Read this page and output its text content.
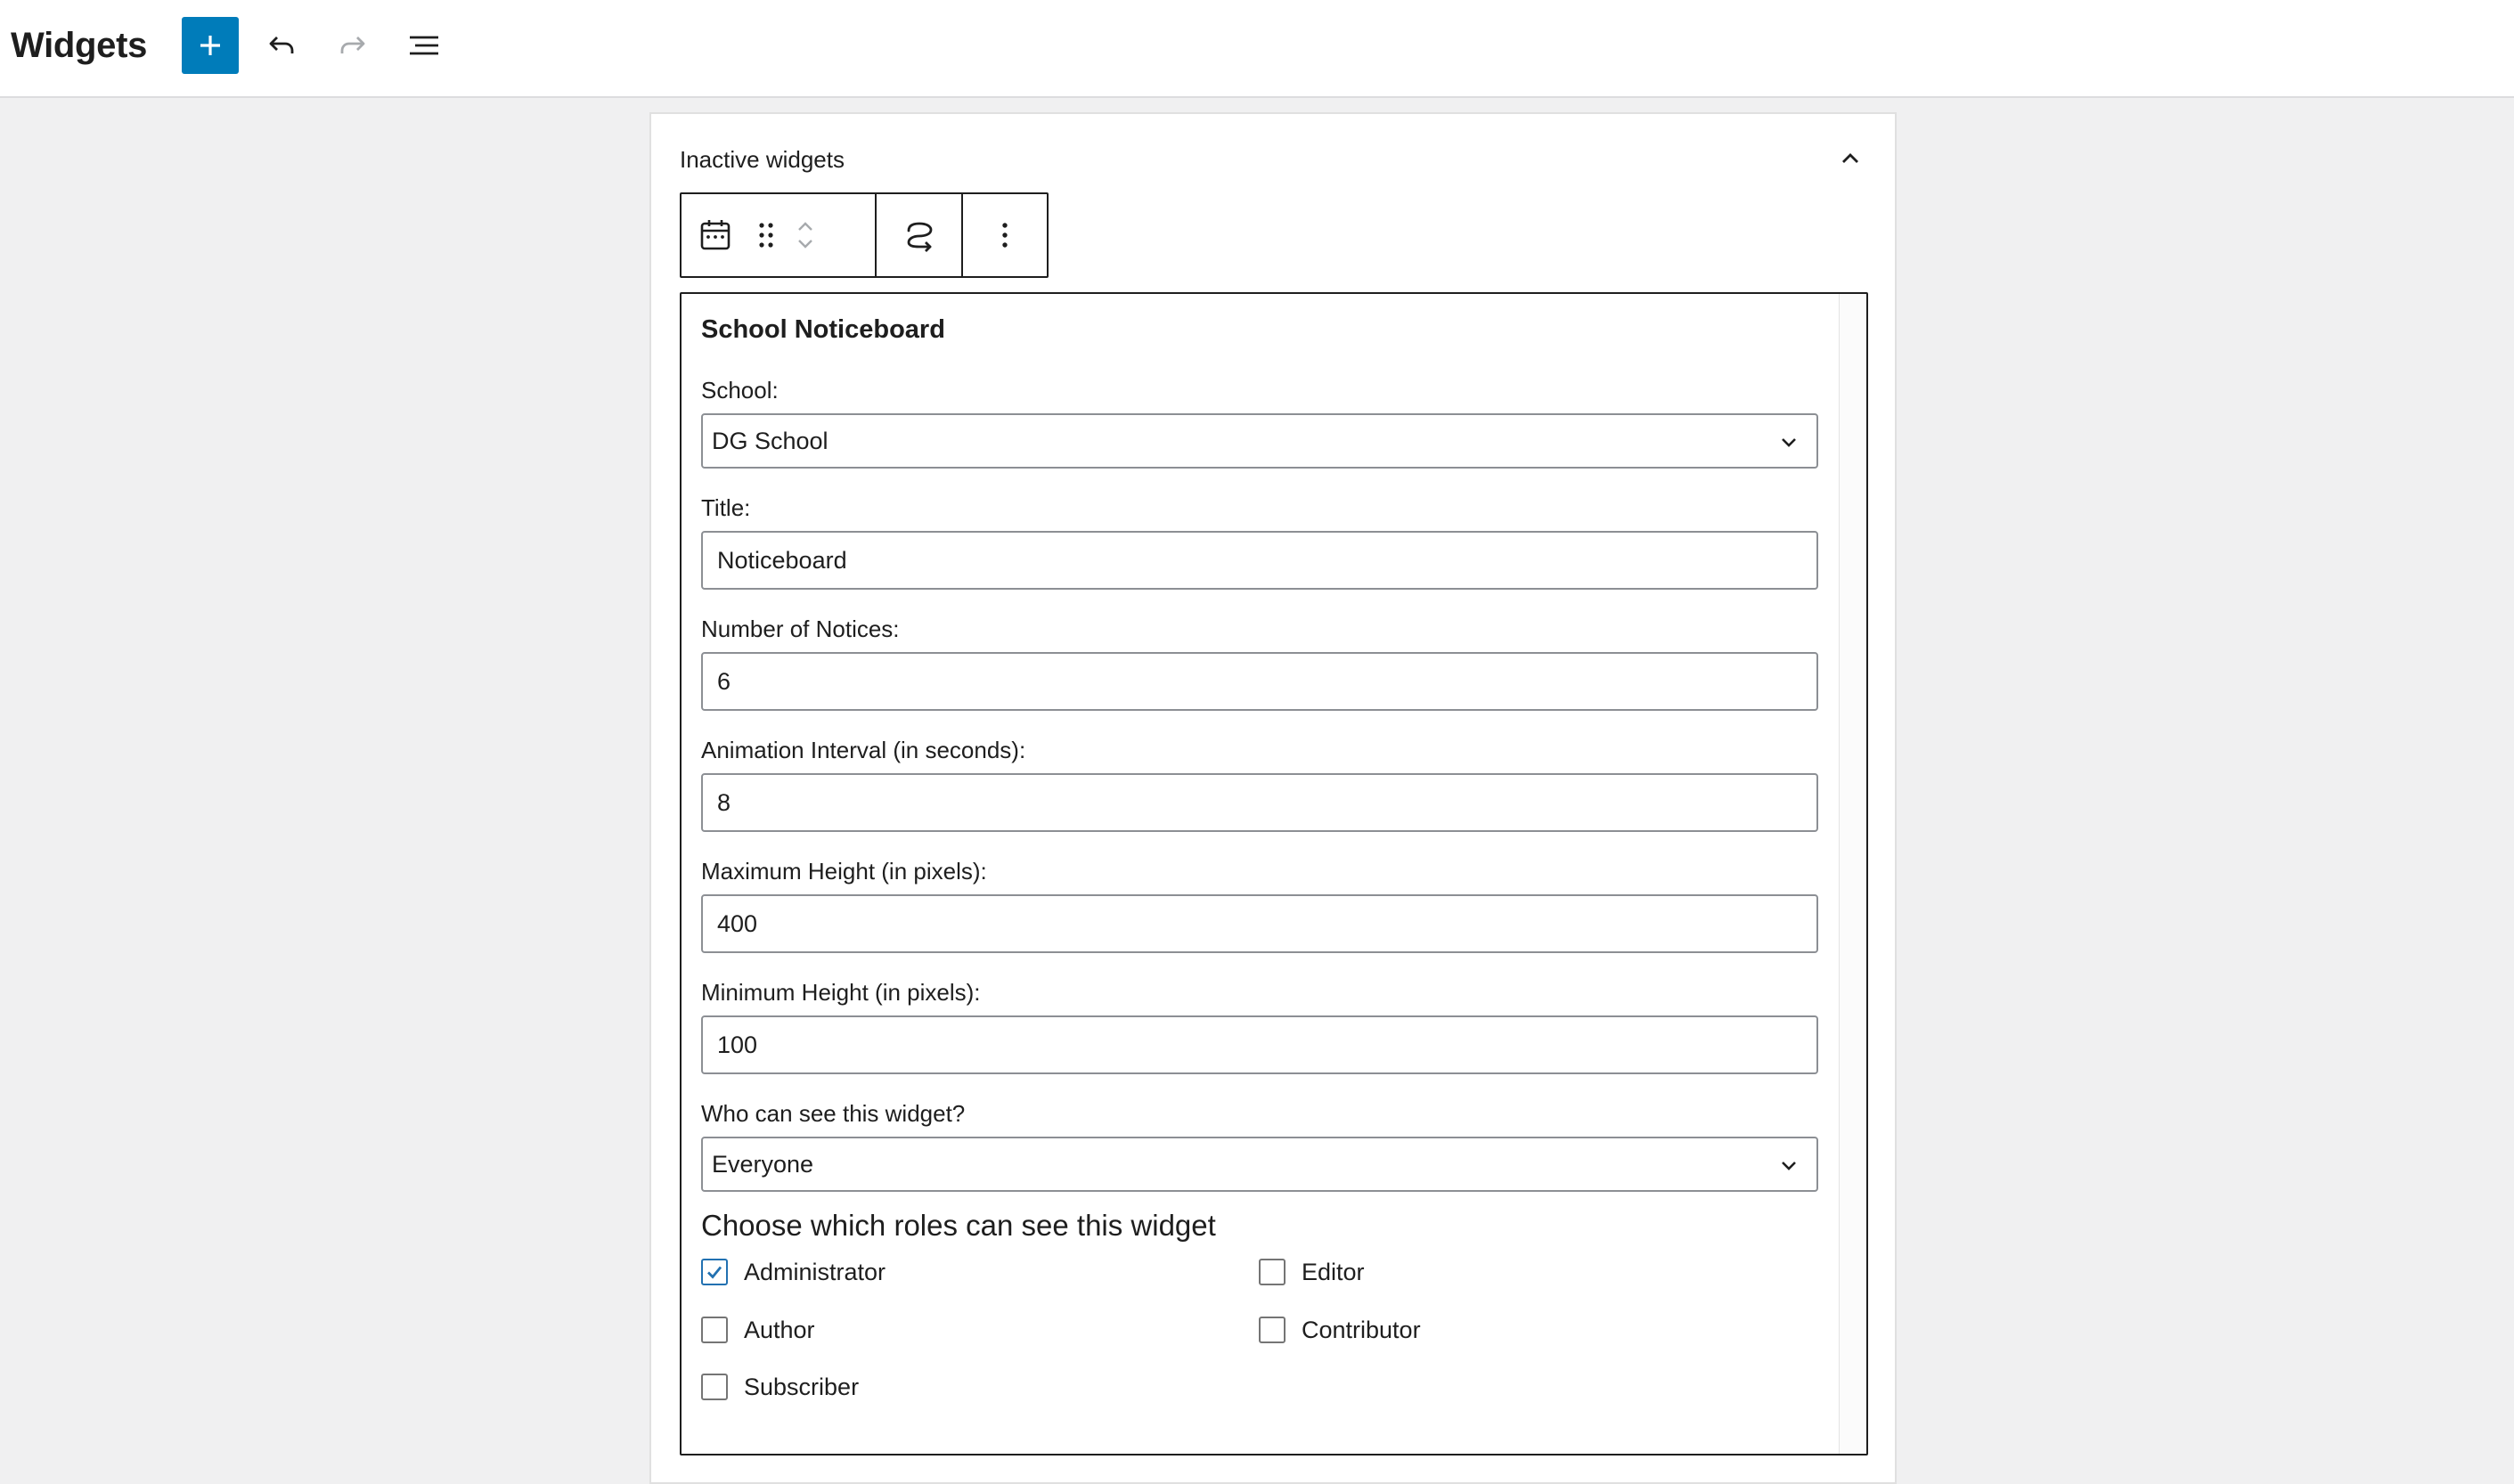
Widgets
Inactive widgets
School Noticeboard
School:
DG School
Title:
Noticeboard
Number of Notices:
6
Animation Interval (in seconds):
8
Maximum Height (in pixels):
400
Minimum Height (in pixels):
100
Who can see this widget?
Everyone
Choose which roles can see this widget
Administrator	Editor
Author	Contributor
Subscriber
